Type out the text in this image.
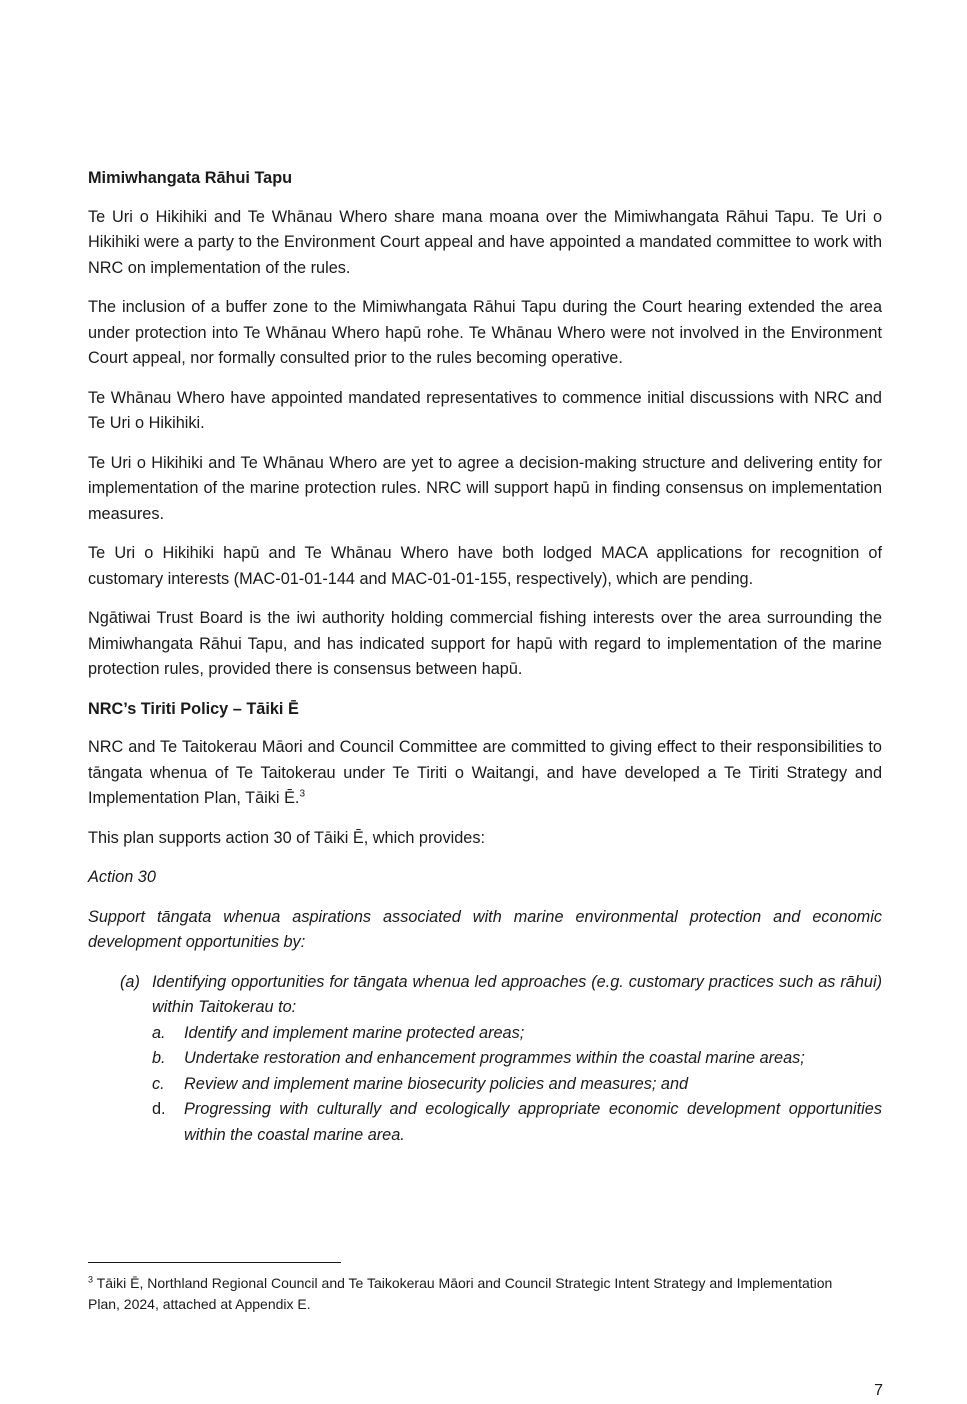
Mimiwhangata Rāhui Tapu

Te Uri o Hikihiki and Te Whānau Whero share mana moana over the Mimiwhangata Rāhui Tapu. Te Uri o Hikihiki were a party to the Environment Court appeal and have appointed a mandated committee to work with NRC on implementation of the rules.

The inclusion of a buffer zone to the Mimiwhangata Rāhui Tapu during the Court hearing extended the area under protection into Te Whānau Whero hapū rohe. Te Whānau Whero were not involved in the Environment Court appeal, nor formally consulted prior to the rules becoming operative.

Te Whānau Whero have appointed mandated representatives to commence initial discussions with NRC and Te Uri o Hikihiki.

Te Uri o Hikihiki and Te Whānau Whero are yet to agree a decision-making structure and delivering entity for implementation of the marine protection rules. NRC will support hapū in finding consensus on implementation measures.

Te Uri o Hikihiki hapū and Te Whānau Whero have both lodged MACA applications for recognition of customary interests (MAC-01-01-144 and MAC-01-01-155, respectively), which are pending.

Ngātiwai Trust Board is the iwi authority holding commercial fishing interests over the area surrounding the Mimiwhangata Rāhui Tapu, and has indicated support for hapū with regard to implementation of the marine protection rules, provided there is consensus between hapū.

NRC’s Tiriti Policy – Tāiki Ē

NRC and Te Taitokerau Māori and Council Committee are committed to giving effect to their responsibilities to tāngata whenua of Te Taitokerau under Te Tiriti o Waitangi, and have developed a Te Tiriti Strategy and Implementation Plan, Tāiki Ē.$^3$

This plan supports action 30 of Tāiki Ē, which provides:

Action 30

Support tāngata whenua aspirations associated with marine environmental protection and economic development opportunities by:

(a) Identifying opportunities for tāngata whenua led approaches (e.g. customary practices such as rāhui) within Taitokerau to:
a.	Identify and implement marine protected areas;
b.	Undertake restoration and enhancement programmes within the coastal marine areas;
c.	Review and implement marine biosecurity policies and measures; and
d.	Progressing with culturally and ecologically appropriate economic development opportunities within the coastal marine area.
$^3$ Tāiki Ē, Northland Regional Council and Te Taikokerau Māori and Council Strategic Intent Strategy and Implementation Plan, 2024, attached at Appendix E.
7
